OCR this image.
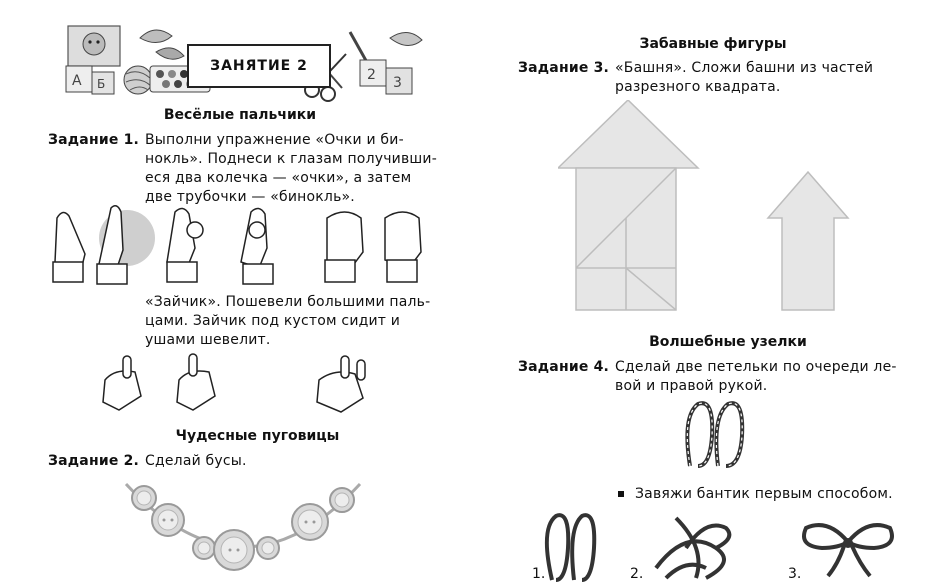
А Б
2 3
ЗАНЯТИЕ 2
Весёлые пальчики
Задание 1. Выполни упражнение «Очки и би-
нокль». Поднеси к глазам получивши-
еся два колечка — «очки», а затем
две трубочки — «бинокль».
«Зайчик». Пошевели большими паль-
цами. Зайчик под кустом сидит и
ушами шевелит.
Чудесные пуговицы
Задание 2. Сделай бусы.
Забавные фигуры
Задание 3. «Башня». Сложи башни из частей
разрезного квадрата.
Волшебные узелки
Задание 4. Сделай две петельки по очереди ле-
вой и правой рукой.
Завяжи бантик первым способом.
1.	2.	3.
